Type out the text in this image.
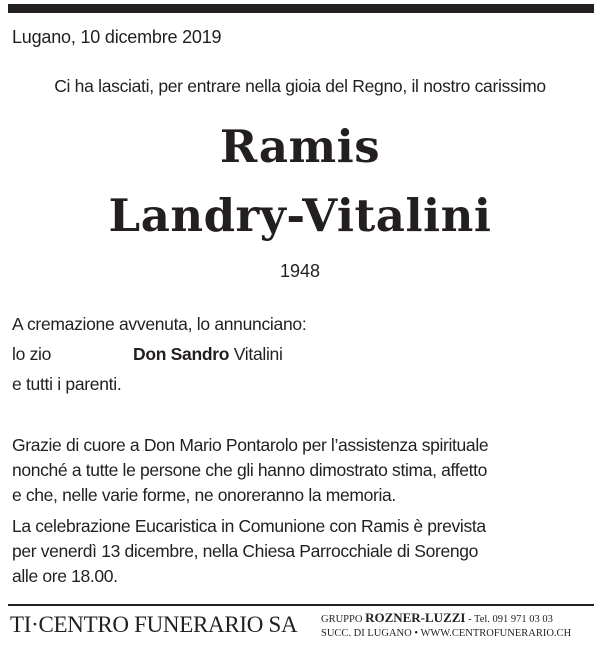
Lugano, 10 dicembre 2019
Ci ha lasciati, per entrare nella gioia del Regno, il nostro carissimo
Ramis
Landry-Vitalini
1948
A cremazione avvenuta, lo annunciano:
lo zio	Don Sandro Vitalini
e tutti i parenti.
Grazie di cuore a Don Mario Pontarolo per l’assistenza spirituale
nonché a tutte le persone che gli hanno dimostrato stima, affetto
e che, nelle varie forme, ne onoreranno la memoria.
La celebrazione Eucaristica in Comunione con Ramis è prevista
per venerdì 13 dicembre, nella Chiesa Parrocchiale di Sorengo
alle ore 18.00.
TI·CENTRO FUNERARIO SA GRUPPO ROZNER-LUZZI - Tel. 091 971 03 03
SUCC. DI LUGANO • WWW.CENTROFUNERARIO.CH
